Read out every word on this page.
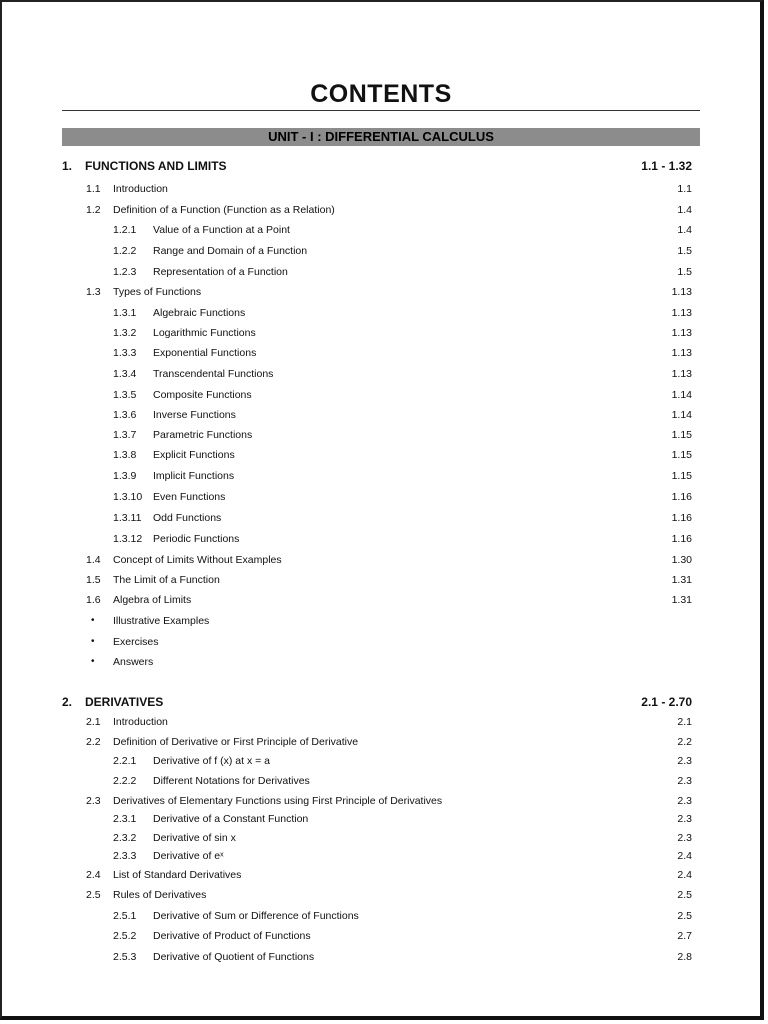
CONTENTS
UNIT - I : DIFFERENTIAL CALCULUS
1. FUNCTIONS AND LIMITS	1.1 - 1.32
1.1 Introduction	1.1
1.2 Definition of a Function (Function as a Relation)	1.4
1.2.1 Value of a Function at a Point	1.4
1.2.2 Range and Domain of a Function	1.5
1.2.3 Representation of a Function	1.5
1.3 Types of Functions	1.13
1.3.1 Algebraic Functions	1.13
1.3.2 Logarithmic Functions	1.13
1.3.3 Exponential Functions	1.13
1.3.4 Transcendental Functions	1.13
1.3.5 Composite Functions	1.14
1.3.6 Inverse Functions	1.14
1.3.7 Parametric Functions	1.15
1.3.8 Explicit Functions	1.15
1.3.9 Implicit Functions	1.15
1.3.10 Even Functions	1.16
1.3.11 Odd Functions	1.16
1.3.12 Periodic Functions	1.16
1.4 Concept of Limits Without Examples	1.30
1.5 The Limit of a Function	1.31
1.6 Algebra of Limits	1.31
• Illustrative Examples
• Exercises
• Answers
2. DERIVATIVES	2.1 - 2.70
2.1 Introduction	2.1
2.2 Definition of Derivative or First Principle of Derivative	2.2
2.2.1 Derivative of f (x) at x = a	2.3
2.2.2 Different Notations for Derivatives	2.3
2.3 Derivatives of Elementary Functions using First Principle of Derivatives	2.3
2.3.1 Derivative of a Constant Function	2.3
2.3.2 Derivative of sin x	2.3
2.3.3 Derivative of eˣ	2.4
2.4 List of Standard Derivatives	2.4
2.5 Rules of Derivatives	2.5
2.5.1 Derivative of Sum or Difference of Functions	2.5
2.5.2 Derivative of Product of Functions	2.7
2.5.3 Derivative of Quotient of Functions	2.8
